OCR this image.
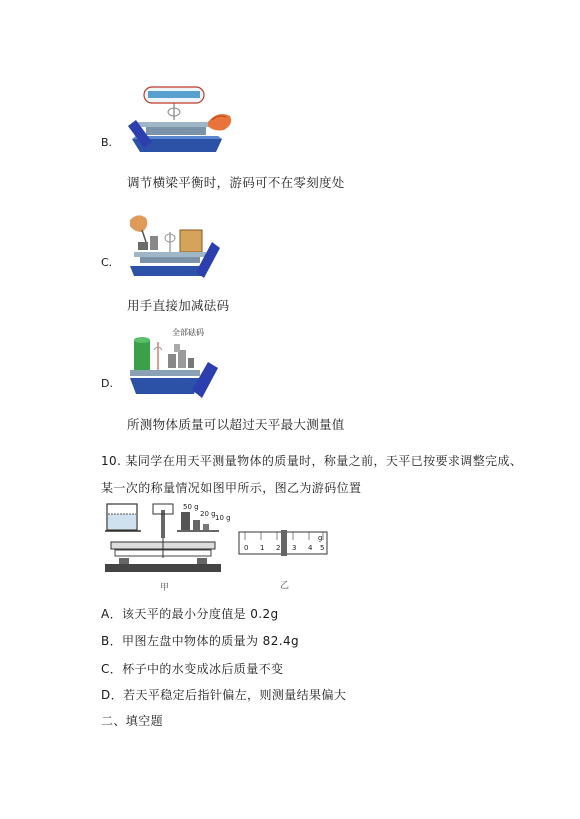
B.
调节横梁平衡时，游码可不在零刻度处
C.
用手直接加减砝码
全部砝码
D.
所测物体质量可以超过天平最大测量值
10. 某同学在用天平测量物体的质量时，称量之前，天平已按要求调整完成、
某一次的称量情况如图甲所示，图乙为游码位置
50 g
20 g 10 g
甲
0 1 2 3 4 5
g
乙
A．该天平的最小分度值是 0.2g
B．甲图左盘中物体的质量为 82.4g
C．杯子中的水变成冰后质量不变
D．若天平稳定后指针偏左，则测量结果偏大
二、填空题
